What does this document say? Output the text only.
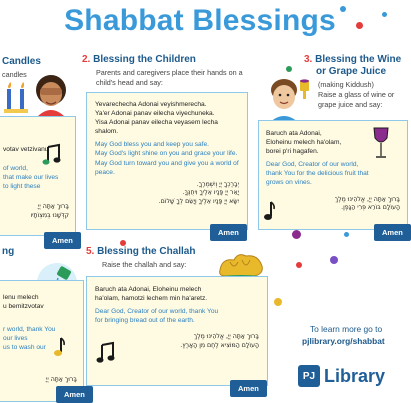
Shabbat Blessings
Candles
candles

votav vetzivanu

of world,
that make our lives
to light these

בָּרוּךְ אַתָּה יְיָ
קִדְּשָׁנוּ בְּמִצְוֹתָיו

Amen
2. Blessing the Children
Parents and caregivers place their hands on a child's head and say:

Yevarechecha Adonai veyishmerecha.
Ya'er Adonai panav eilecha viyechuneka.
Yisa Adonai panav eilecha veyasem lecha shalom.

May God bless you and keep you safe.
May God's light shine on you and grace your life.
May God turn toward you and give you a world of peace.

יְבָרֶכְךָ יְיָ וְיִשְׁמְרֶךָ.
יָאֵר יְיָ פָּנָיו אֵלֶיךָ וִיחֻנֶּךָּ.
יִשָּׂא יְיָ פָּנָיו אֵלֶיךָ וְיָשֵׂם לְךָ שָׁלוֹם.

Amen
3. Blessing the Wine
or Grape Juice
(making Kiddush)
Raise a glass of wine or grape juice and say:

Baruch ata Adonai,
Eloheinu melech ha'olam,
borei p'ri hagafen.

Dear God, Creator of our world,
thank You for the delicious fruit that grows on vines.

בָּרוּךְ אַתָּה יְיָ, אֱלֹהֵינוּ מֶלֶךְ
הָעוֹלָם בּוֹרֵא פְּרִי הַגָּפֶן.

Amen
ng

lenu melech
u bemitzvotav

r world, thank You
our lives
us to wash our

בָּרוּךְ אַתָּה יְיָ

Amen
5. Blessing the Challah
Raise the challah and say:

Baruch ata Adonai, Eloheinu melech
ha'olam, hamotzi lechem min ha'aretz.

Dear God, Creator of our world, thank You
for bringing bread out of the earth.

בָּרוּךְ אַתָּה יְיָ, אֱלֹהֵינוּ מֶלֶךְ
הָעוֹלָם הַמּוֹצִיא לֶחֶם מִן הָאָרֶץ.

Amen
To learn more go to
pjlibrary.org/shabbat
PJ Library
